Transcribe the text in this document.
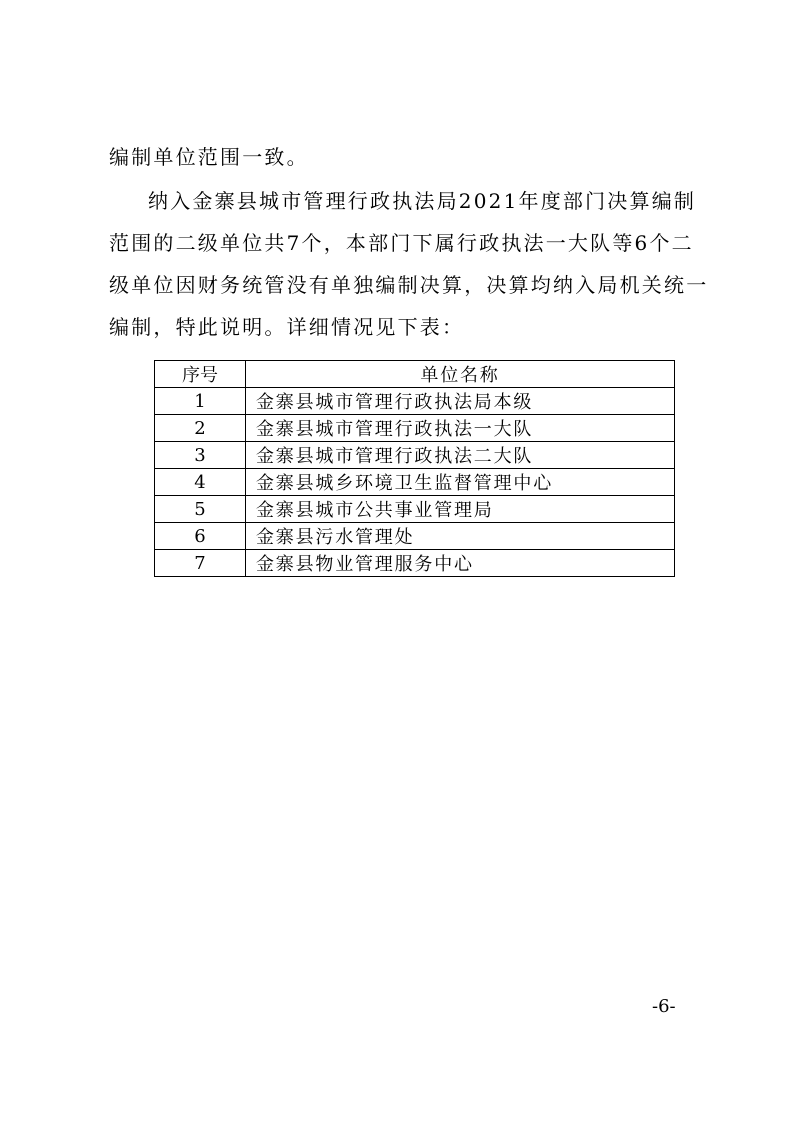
编制单位范围一致。
纳入金寨县城市管理行政执法局2021年度部门决算编制
范围的二级单位共7个，本部门下属行政执法一大队等6个二
级单位因财务统管没有单独编制决算，决算均纳入局机关统一
编制，特此说明。详细情况见下表：
序号	单位名称
1	金寨县城市管理行政执法局本级
2	金寨县城市管理行政执法一大队
3	金寨县城市管理行政执法二大队
4	金寨县城乡环境卫生监督管理中心
5	金寨县城市公共事业管理局
6	金寨县污水管理处
7	金寨县物业管理服务中心
-6-
